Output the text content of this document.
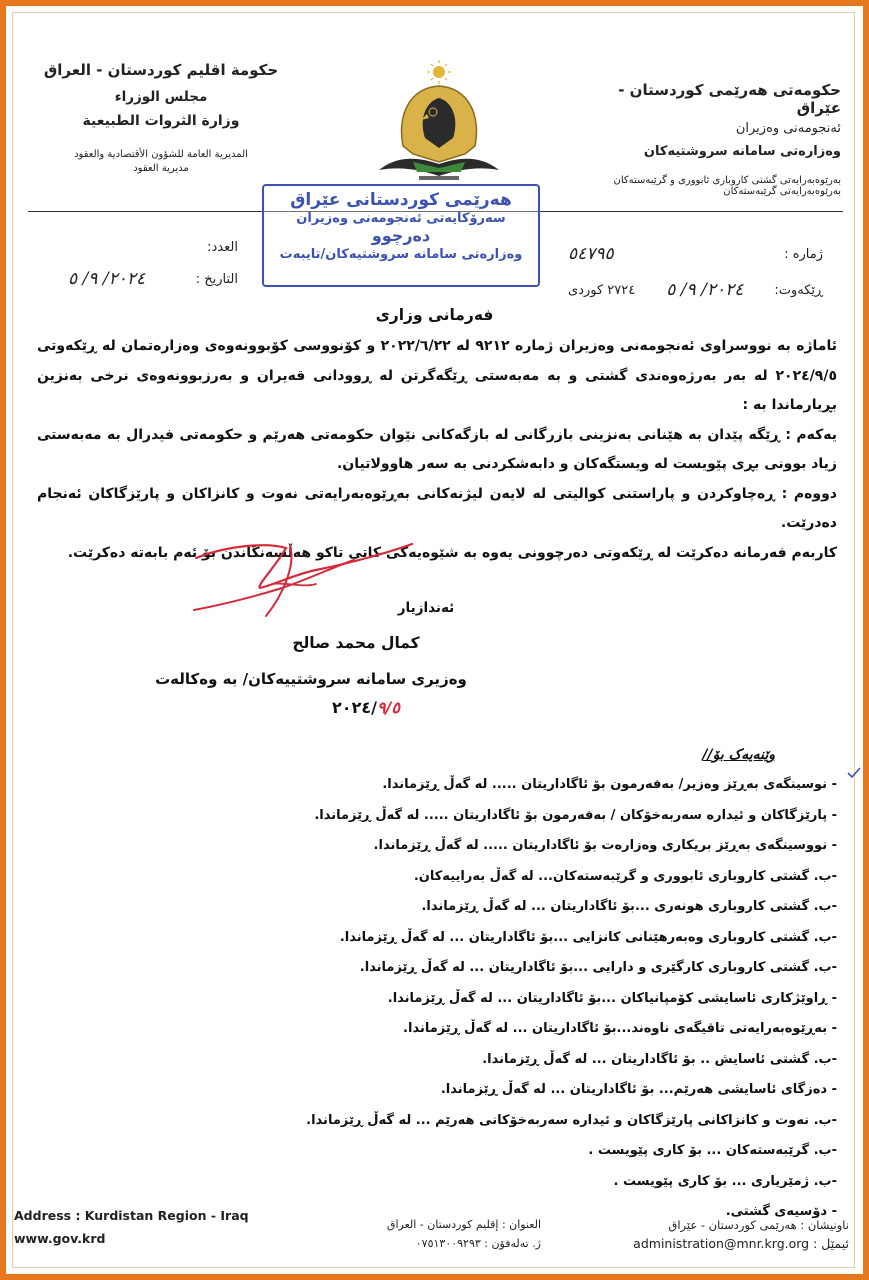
حكومة اقليم كوردستان - العراق
مجلس الوزراء
وزارة الثروات الطبيعية
المديرية العامة للشؤون الأقتصادية والعقود
مديرية العقود
حکومەتی هەرێمی کوردستان - عێراق
ئەنجومەنی وەزیران
وەزارەتی سامانە سروشتیەکان
بەرێوەبەرایەتی گشتی کاروباری ئابووری و گرێبەستەکان
بەرێوەبەرایەتی گرێبەستەکان
هەرێمی کوردستانی عێراق
سەرۆکایەتی ئەنجومەنی وەزیران
دەرچوو
وەزارەتی سامانە سروشتیەکان/تایبەت
العدد:
التاريخ :
٢٠٢٤/ ٩/ ٥
ژمارە :
٥٤٧٩٥
ڕێکەوت:
٢٠٢٤/ ٩/ ٥
٢٧٢٤ کوردی
فەرمانی وزاری

ئاماژە بە نووسراوی ئەنجومەنی وەزیران ژمارە ٩٢١٢ لە ٢٠٢٢/٦/٢٢ و کۆنووسی کۆبوونەوەی وەزارەتمان لە ڕێکەوتی ٢٠٢٤/٩/٥ لە بەر بەرژەوەندی گشتی و بە مەبەستی ڕێگەگرتن لە ڕوودانی قەیران و بەرزبوونەوەی نرخی بەنزین بڕیارماندا بە :

یەکەم : ڕێگە پێدان بە هێنانی بەنزینی بازرگانی لە بازگەکانی نێوان حکومەتی هەرێم و حکومەتی فیدرال بە مەبەستی زیاد بوونی بڕی پێویست لە ویستگەکان و دابەشکردنی بە سەر هاوولاتیان.

دووەم : ڕەچاوکردن و پاراستنی کوالیتی لە لایەن لیژنەکانی بەڕێوەبەرایەتی نەوت و کانزاکان و پارێزگاکان ئەنجام دەدرێت.

کاربەم فەرمانە دەکرێت لە ڕێکەوتی دەرچوونی یەوە بە شێوەیەکی کاتی تاکو هەڵسەنگاندن بۆ ئەم بابەتە دەکرێت.

ئەندازیار
کمال محمد صالح
وەزیری سامانە سروشتییەکان/ بە وەکالەت
٢٠٢٤/٩/٥
وێنەیەک بۆ//
- نوسینگەی بەڕێز وەزیر/ بەفەرمون بۆ ئاگاداریتان ..... لە گەڵ ڕێزماندا.
- پارێزگاکان و ئیدارە سەربەخۆکان / بەفەرمون بۆ ئاگاداریتان ..... لە گەڵ ڕێزماندا.
- نووسینگەی بەڕێز بریکاری وەزارەت بۆ ئاگاداریتان ..... لە گەڵ ڕێزماندا.
-ب. گشتی کاروباری ئابووری و گرێبەستەکان... لە گەڵ بەراییەکان.
-ب. گشتی کاروباری هونەری ...بۆ ئاگاداریتان ... لە گەڵ ڕێزماندا.
-ب. گشتی کاروباری وەبەرهێنانی کانزایی ...بۆ ئاگاداریتان ... لە گەڵ ڕێزماندا.
-ب. گشتی کاروباری کارگێری و دارایی ...بۆ ئاگاداریتان ... لە گەڵ ڕێزماندا.
- ڕاوێژکاری ئاسایشی کۆمپانیاکان ...بۆ ئاگاداریتان ... لە گەڵ ڕێزماندا.
- بەڕێوەبەرایەتی تاقیگەی ناوەند...بۆ ئاگاداریتان ... لە گەڵ ڕێزماندا.
-ب. گشتی ئاسایش .. بۆ ئاگاداریتان ... لە گەڵ ڕێزماندا.
- دەزگای ئاسایشی هەرێم... بۆ ئاگاداریتان ... لە گەڵ ڕێزماندا.
-ب. نەوت و کانزاکانی پارێزگاکان و ئیدارە سەربەخۆکانی هەرێم ... لە گەڵ ڕێزماندا.
-ب. گرێبەستەکان ... بۆ کاری پێویست .
-ب. ژمێریاری ... بۆ کاری پێویست .
- دۆسیەی گشتی.
Address : Kurdistan Region - Iraq
www.gov.krd
العنوان : إقليم كوردستان - العراق
ژ. تەلەفۆن : ٠٧٥١٣٠٠٩٢٩٣
ناونیشان : هەرێمی کوردستان - عێراق
ئیمێل : administration@mnr.krg.org
